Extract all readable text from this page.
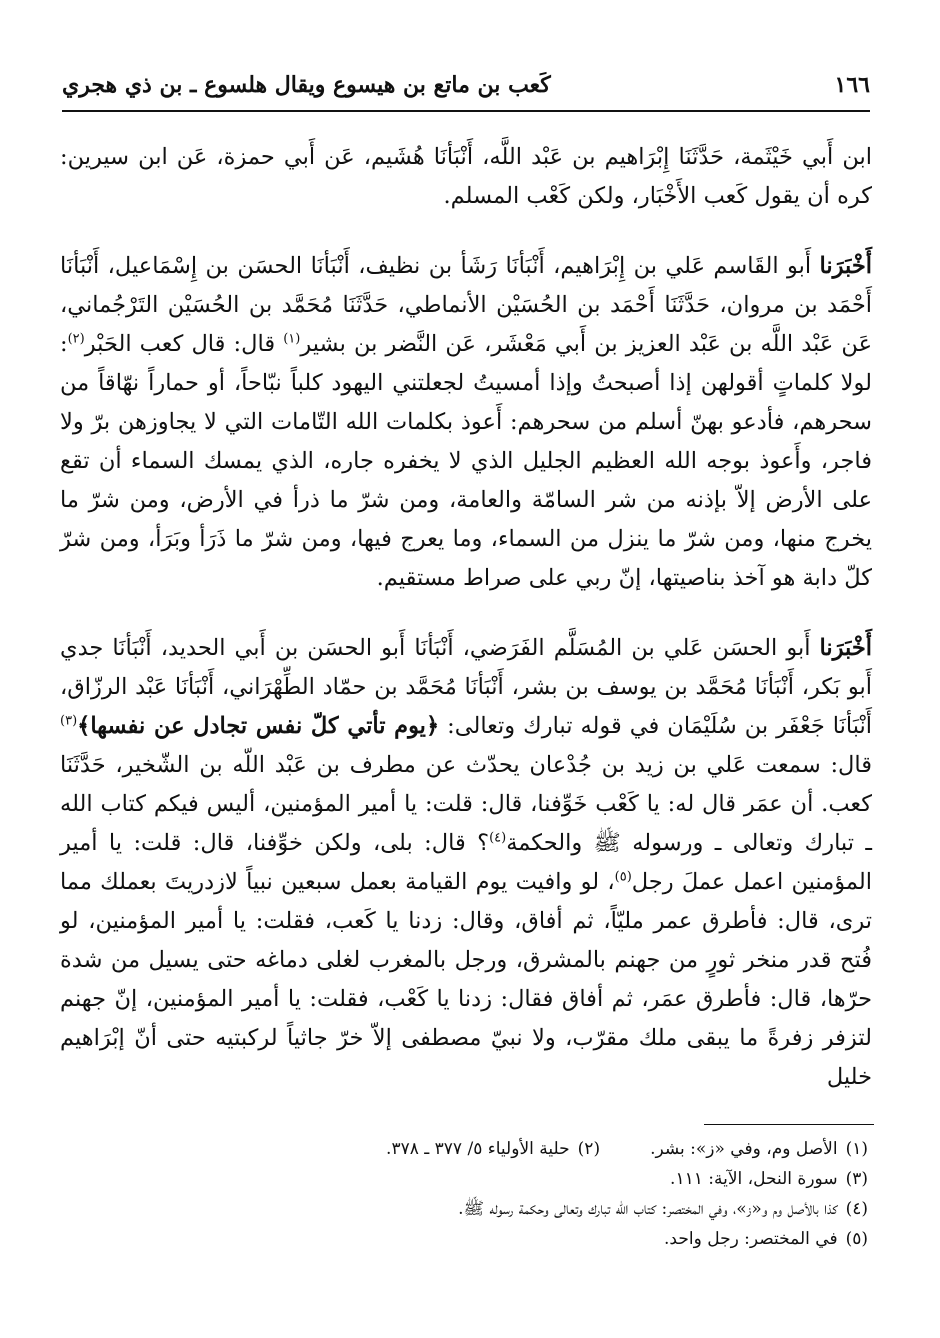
١٦٦
كَعب بن ماتع بن هيسوع ويقال هلسوع ـ بن ذي هجري

ابن أَبي خَيْثَمة، حَدَّثَنَا إِبْرَاهيم بن عَبْد اللَّه، أَنْبَأنَا هُشَيم، عَن أَبي حمزة، عَن ابن سيرين: كره أن يقول كَعب الأَخْبَار، ولكن كَعْب المسلم.

أَخْبَرَنا أَبو القَاسم عَلي بن إِبْرَاهيم، أَنْبَأنَا رَشَأ بن نظيف، أَنْبَأنَا الحسَن بن إِسْمَاعيل، أَنْبَأنَا أَحْمَد بن مروان، حَدَّثَنَا أَحْمَد بن الحُسَيْن الأنماطي، حَدَّثَنَا مُحَمَّد بن الحُسَيْن التَرْجُماني، عَن عَبْد اللَّه بن عَبْد العزيز بن أَبي مَعْشَر، عَن النَّضر بن بشير$^{(١)}$ قال: قال كعب الحَبْر$^{(٢)}$: لولا كلماتٍ أقولهن إذا أصبحتُ وإذا أمسيتُ لجعلتني اليهود كلباً نبّاحاً، أو حماراً نهّاقاً من سحرهم، فأدعو بهنّ أسلم من سحرهم: أَعوذ بكلمات الله التّامات التي لا يجاوزهن برّ ولا فاجر، وأَعوذ بوجه الله العظيم الجليل الذي لا يخفره جاره، الذي يمسك السماء أن تقع على الأرض إلاّ بإذنه من شر السامّة والعامة، ومن شرّ ما ذرأ في الأرض، ومن شرّ ما يخرج منها، ومن شرّ ما ينزل من السماء، وما يعرج فيها، ومن شرّ ما ذَرَأ وبَرَأ، ومن شرّ كلّ دابة هو آخذ بناصيتها، إنّ ربي على صراط مستقيم.

أَخْبَرَنا أَبو الحسَن عَلي بن المُسَلَّم الفَرَضي، أَنْبَأنَا أَبو الحسَن بن أَبي الحديد، أَنْبَأنَا جدي أَبو بَكر، أَنْبَأنَا مُحَمَّد بن يوسف بن بشر، أَنْبَأنَا مُحَمَّد بن حمّاد الطِّهْرَاني، أَنْبَأنَا عَبْد الرزّاق، أَنْبَأنَا جَعْفَر بن سُلَيْمَان في قوله تبارك وتعالى: ﴿يوم تأتي كلّ نفس تجادل عن نفسها﴾$^{(٣)}$ قال: سمعت عَلي بن زيد بن جُدْعان يحدّث عن مطرف بن عَبْد اللّه بن الشّخير، حَدَّثَنَا كعب. أن عمَر قال له: يا كَعْب خَوِّفنا، قال: قلت: يا أمير المؤمنين، أليس فيكم كتاب الله ـ تبارك وتعالى ـ ورسوله ﷺ والحكمة$^{(٤)}$؟ قال: بلى، ولكن خوِّفنا، قال: قلت: يا أمير المؤمنين اعمل عملَ رجل$^{(٥)}$، لو وافيت يوم القيامة بعمل سبعين نبياً لازدريتَ بعملك مما ترى، قال: فأطرق عمر مليّاً، ثم أفاق، وقال: زدنا يا كَعب، فقلت: يا أمير المؤمنين، لو فُتح قدر منخر ثورٍ من جهنم بالمشرق، ورجل بالمغرب لغلى دماغه حتى يسيل من شدة حرّها، قال: فأطرق عمَر، ثم أفاق فقال: زدنا يا كَعْب، فقلت: يا أمير المؤمنين، إنّ جهنم لتزفر زفرةً ما يبقى ملك مقرّب، ولا نبيّ مصطفى إلاّ خرّ جاثياً لركبتيه حتى أنّ إبْرَاهيم خليل

(١)الأصل وم، وفي «ز»: بشر.
(٢)حلية الأولياء ٥/ ٣٧٧ ـ ٣٧٨.
(٣)سورة النحل، الآية: ١١١.
(٤)كذا بالأصل وم و«ز»، وفي المختصر: كتاب الله تبارك وتعالى وحكمة رسوله ﷺ.
(٥)في المختصر: رجل واحد.
